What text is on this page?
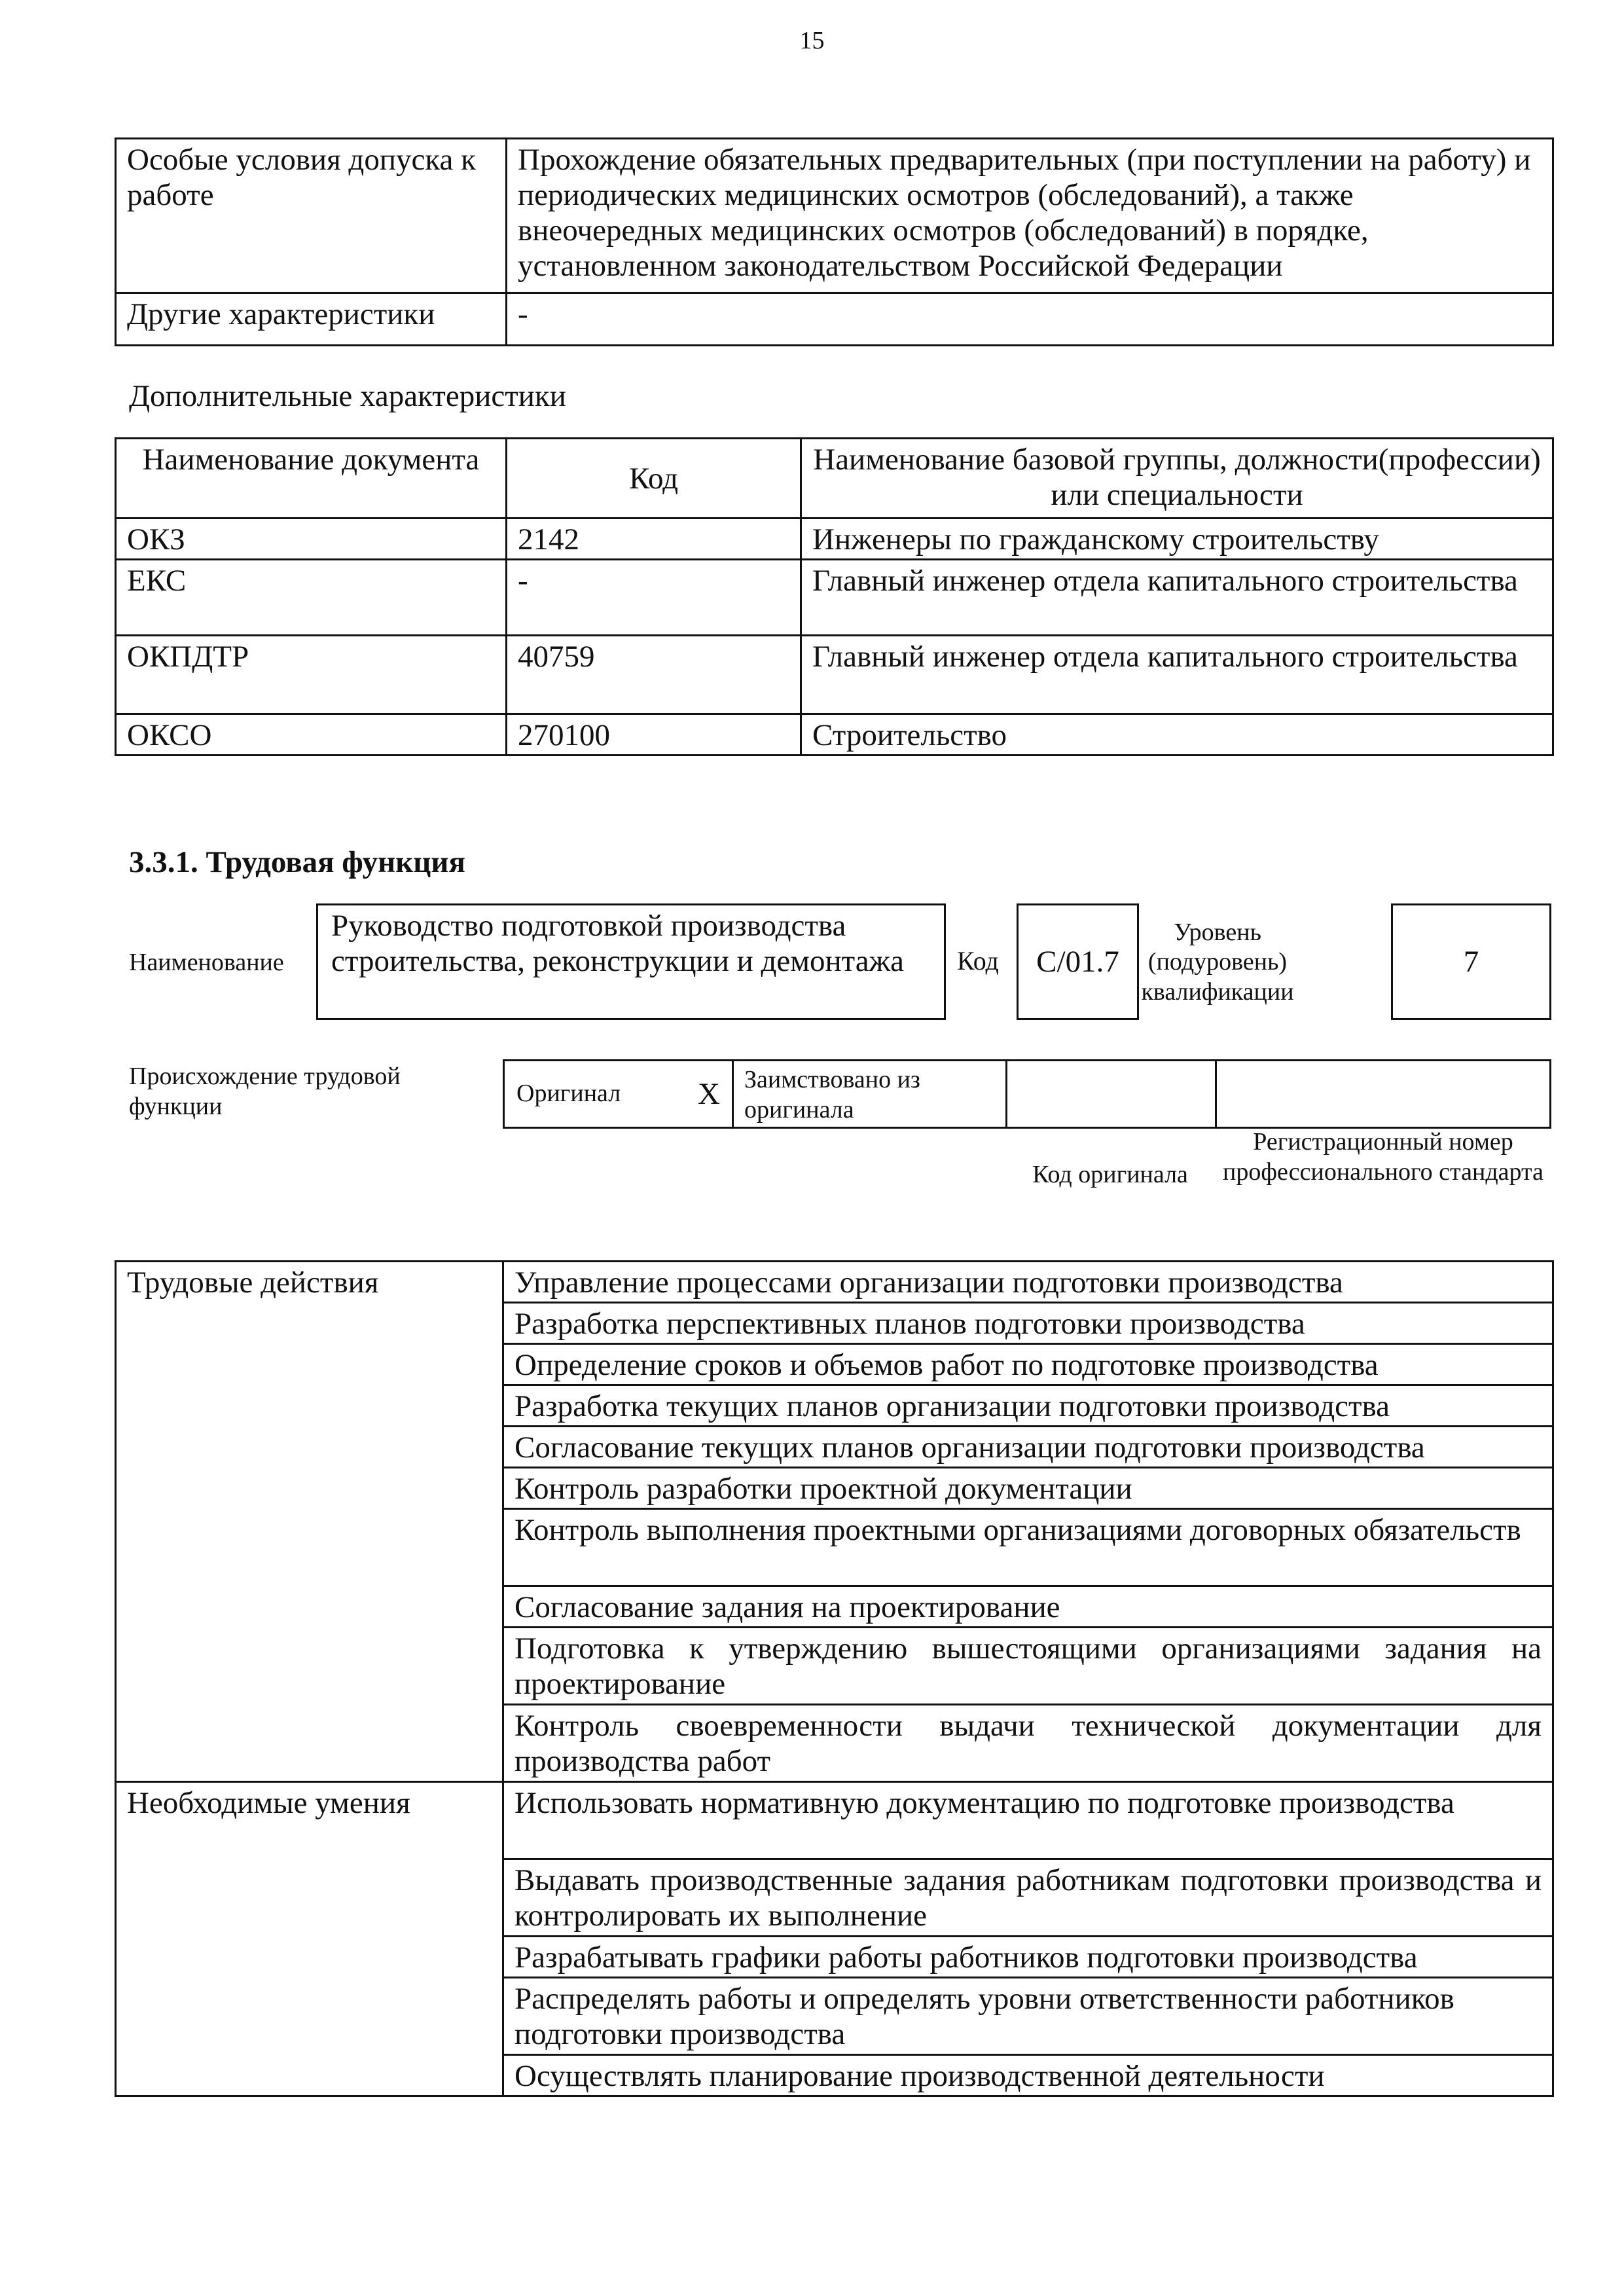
15
Особые условия допуска к работе	Прохождение обязательных предварительных (при поступлении на работу) и периодических медицинских осмотров (обследований), а также внеочередных медицинских осмотров (обследований) в порядке, установленном законодательством Российской Федерации
Другие характеристики	-
Дополнительные характеристики
Наименование документа	Код	Наименование базовой группы, должности(профессии) или специальности
ОКЗ	2142	Инженеры по гражданскому строительству
ЕКС	-	Главный инженер отдела капитального строительства
ОКПДТР	40759	Главный инженер отдела капитального строительства
ОКСО	270100	Строительство
3.3.1. Трудовая функция
Наименование
Руководство подготовкой производства строительства, реконструкции и демонтажа	Код C/01.7
Уровень (подуровень) квалификации
7
Происхождение трудовой функции	Оригинал	X Заимствовано из оригинала
Код оригинала
Регистрационный номер профессионального стандарта
Трудовые действия	Управление процессами организации подготовки производства
	Разработка перспективных планов подготовки производства
	Определение сроков и объемов работ по подготовке производства
	Разработка текущих планов организации подготовки производства
	Согласование текущих планов организации подготовки производства
	Контроль разработки проектной документации
	Контроль выполнения проектными организациями договорных обязательств
	Согласование задания на проектирование
	Подготовка к утверждению вышестоящими организациями задания на проектирование
	Контроль своевременности выдачи технической документации для производства работ
Необходимые умения	Использовать нормативную документацию по подготовке производства
	Выдавать производственные задания работникам подготовки производства и контролировать их выполнение
	Разрабатывать графики работы работников подготовки производства
	Распределять работы и определять уровни ответственности работников подготовки производства
	Осуществлять планирование производственной деятельности
